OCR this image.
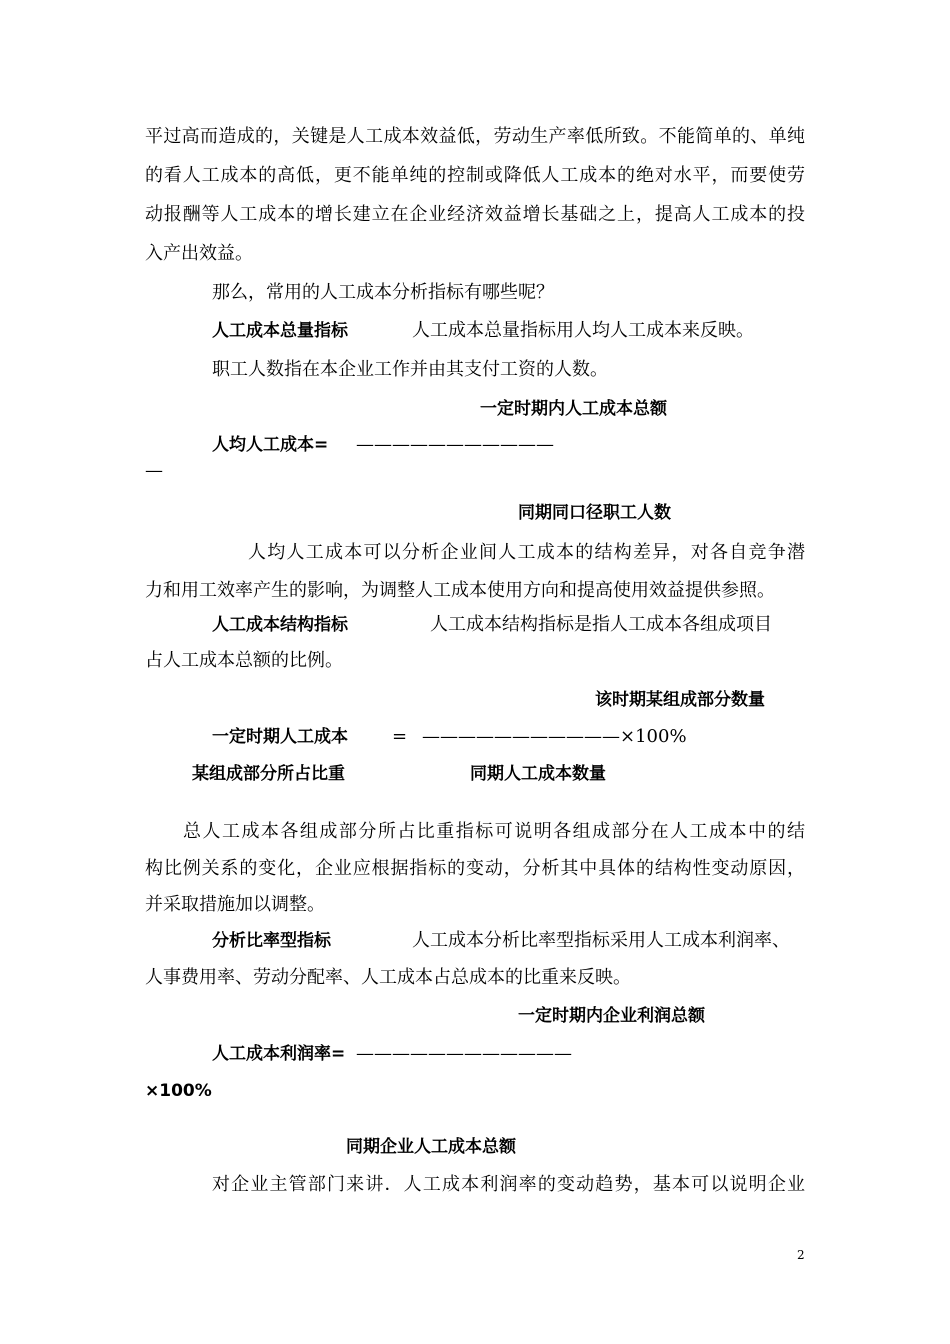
平过高而造成的，关键是人工成本效益低，劳动生产率低所致。不能简单的、单纯
的看人工成本的高低，更不能单纯的控制或降低人工成本的绝对水平，而要使劳
动报酬等人工成本的增长建立在企业经济效益增长基础之上，提高人工成本的投
入产出效益。
那么，常用的人工成本分析指标有哪些呢？
人工成本总量指标	人工成本总量指标用人均人工成本来反映。
职工人数指在本企业工作并由其支付工资的人数。
一定时期内人工成本总额
人均人工成本= ———————————
—
同期同口径职工人数
人均人工成本可以分析企业间人工成本的结构差异，对各自竞争潜
力和用工效率产生的影响，为调整人工成本使用方向和提高使用效益提供参照。
人工成本结构指标	人工成本结构指标是指人工成本各组成项目
占人工成本总额的比例。
该时期某组成部分数量
一定时期人工成本 = ———————————×100%
某组成部分所占比重	同期人工成本数量
总人工成本各组成部分所占比重指标可说明各组成部分在人工成本中的结
构比例关系的变化，企业应根据指标的变动，分析其中具体的结构性变动原因，
并采取措施加以调整。
分析比率型指标	人工成本分析比率型指标采用人工成本利润率、
人事费用率、劳动分配率、人工成本占总成本的比重来反映。
一定时期内企业利润总额
人工成本利润率= ————————————
×100%
同期企业人工成本总额
对企业主管部门来讲．人工成本利润率的变动趋势，基本可以说明企业
2
